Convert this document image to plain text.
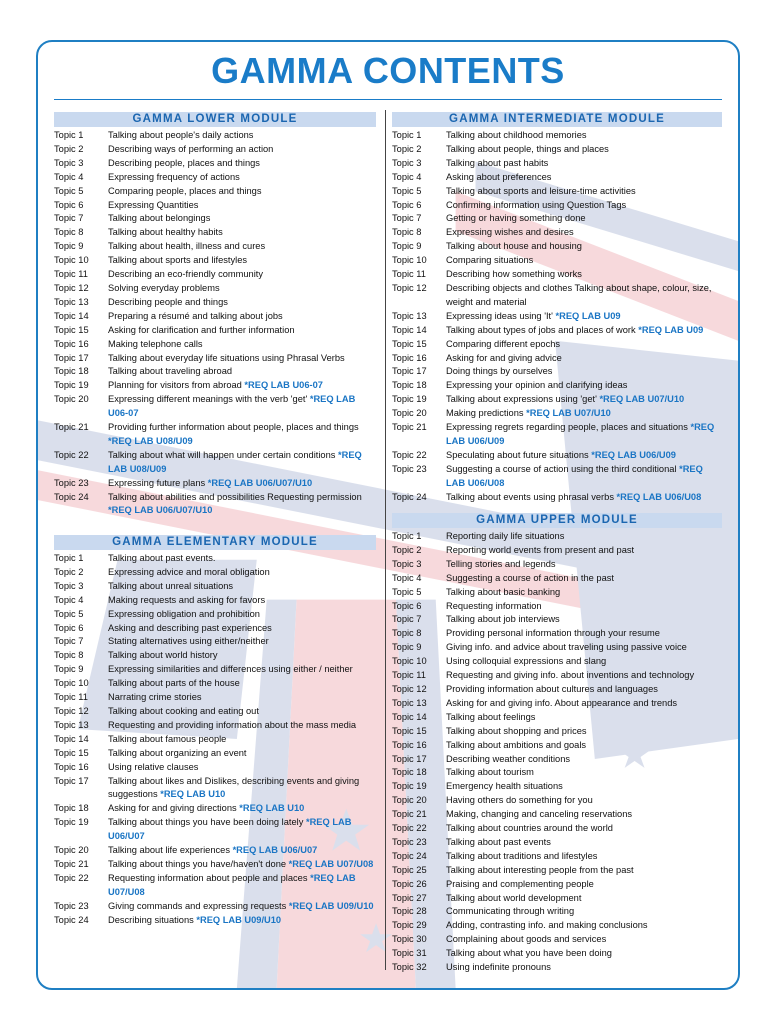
GAMMA CONTENTS
GAMMA LOWER MODULE
Topic 1	Talking about people's daily actions
Topic 2	Describing ways of performing an action
Topic 3	Describing people, places and things
Topic 4	Expressing frequency of actions
Topic 5	Comparing people, places and things
Topic 6	Expressing Quantities
Topic 7	Talking about belongings
Topic 8	Talking about healthy habits
Topic 9	Talking about health, illness and cures
Topic 10	Talking about sports and lifestyles
Topic 11	Describing an eco-friendly community
Topic 12	Solving everyday problems
Topic 13	Describing people and things
Topic 14	Preparing a résumé and talking about jobs
Topic 15	Asking for clarification and further information
Topic 16	Making telephone calls
Topic 17	Talking about everyday life situations using Phrasal Verbs
Topic 18	Talking about traveling abroad
Topic 19	Planning for visitors from abroad *REQ LAB U06-07
Topic 20	Expressing different meanings with the verb 'get' *REQ LAB U06-07
Topic 21	Providing further information about people, places and things *REQ LAB U08/U09
Topic 22	Talking about what will happen under certain conditions *REQ LAB U08/U09
Topic 23	Expressing future plans *REQ LAB U06/U07/U10
Topic 24	Talking about abilities and possibilities Requesting permission *REQ LAB U06/U07/U10
GAMMA ELEMENTARY MODULE
Topic 1	Talking about past events.
Topic 2	Expressing advice and moral obligation
Topic 3	Talking about unreal situations
Topic 4	Making requests and asking for favors
Topic 5	Expressing obligation and prohibition
Topic 6	Asking and describing past experiences
Topic 7	Stating alternatives using either/neither
Topic 8	Talking about world history
Topic 9	Expressing similarities and differences using either / neither
Topic 10	Talking about parts of the house
Topic 11	Narrating crime stories
Topic 12	Talking about cooking and eating out
Topic 13	Requesting and providing information about the mass media
Topic 14	Talking about famous people
Topic 15	Talking about organizing an event
Topic 16	Using relative clauses
Topic 17	Talking about likes and Dislikes, describing events and giving suggestions *REQ LAB U10
Topic 18	Asking for and giving directions *REQ LAB U10
Topic 19	Talking about things you have been doing lately *REQ LAB U06/U07
Topic 20	Talking about life experiences *REQ LAB U06/U07
Topic 21	Talking about things you have/haven't done *REQ LAB U07/U08
Topic 22	Requesting information about people and places *REQ LAB U07/U08
Topic 23	Giving commands and expressing requests *REQ LAB U09/U10
Topic 24	Describing situations *REQ LAB U09/U10
GAMMA INTERMEDIATE MODULE
Topic 1	Talking about childhood memories
Topic 2	Talking about people, things and places
Topic 3	Talking about past habits
Topic 4	Asking about preferences
Topic 5	Talking about sports and leisure-time activities
Topic 6	Confirming information using Question Tags
Topic 7	Getting or having something done
Topic 8	Expressing wishes and desires
Topic 9	Talking about house and housing
Topic 10	Comparing situations
Topic 11	Describing how something works
Topic 12	Describing objects and clothes Talking about shape, colour, size, weight and material
Topic 13	Expressing ideas using 'It' *REQ LAB U09
Topic 14	Talking about types of jobs and places of work *REQ LAB U09
Topic 15	Comparing different epochs
Topic 16	Asking for and giving advice
Topic 17	Doing things by ourselves
Topic 18	Expressing your opinion and clarifying ideas
Topic 19	Talking about expressions using 'get' *REQ LAB U07/U10
Topic 20	Making predictions *REQ LAB U07/U10
Topic 21	Expressing regrets regarding people, places and situations *REQ LAB U06/U09
Topic 22	Speculating about future situations *REQ LAB U06/U09
Topic 23	Suggesting a course of action using the third conditional *REQ LAB U06/U08
Topic 24	Talking about events using phrasal verbs *REQ LAB U06/U08
GAMMA UPPER MODULE
Topic 1	Reporting daily life situations
Topic 2	Reporting world events from present and past
Topic 3	Telling stories and legends
Topic 4	Suggesting a course of action in the past
Topic 5	Talking about basic banking
Topic 6	Requesting information
Topic 7	Talking about job interviews
Topic 8	Providing personal information through your resume
Topic 9	Giving info. and advice about traveling using passive voice
Topic 10	Using colloquial expressions and slang
Topic 11	Requesting and giving info. about inventions and technology
Topic 12	Providing information about cultures and languages
Topic 13	Asking for and giving info. About appearance and trends
Topic 14	Talking about feelings
Topic 15	Talking about shopping and prices
Topic 16	Talking about ambitions and goals
Topic 17	Describing weather conditions
Topic 18	Talking about tourism
Topic 19	Emergency health situations
Topic 20	Having others do something for you
Topic 21	Making, changing and canceling reservations
Topic 22	Talking about countries around the world
Topic 23	Talking about past events
Topic 24	Talking about traditions and lifestyles
Topic 25	Talking about interesting people from the past
Topic 26	Praising and complementing people
Topic 27	Talking about world development
Topic 28	Communicating through writing
Topic 29	Adding, contrasting info. and making conclusions
Topic 30	Complaining about goods and services
Topic 31	Talking about what you have been doing
Topic 32	Using indefinite pronouns
